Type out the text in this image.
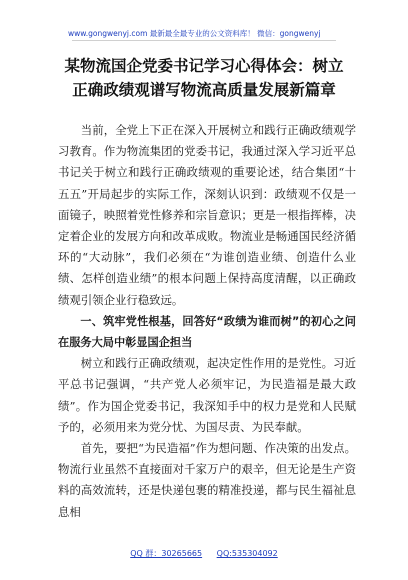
www.gongwenyj.com 最新最全最专业的公文资料库！ 微信：gongwenyj
某物流国企党委书记学习心得体会：树立
正确政绩观谱写物流高质量发展新篇章

当前，全党上下正在深入开展树立和践行正确政绩观学习教育。作为物流集团的党委书记，我通过深入学习近平总书记关于树立和践行正确政绩观的重要论述，结合集团“十五五”开局起步的实际工作，深刻认识到：政绩观不仅是一面镜子，映照着党性修养和宗旨意识；更是一根指挥棒，决定着企业的发展方向和改革成败。物流业是畅通国民经济循环的“大动脉”，我们必须在“为谁创造业绩、创造什么业绩、怎样创造业绩”的根本问题上保持高度清醒，以正确政绩观引领企业行稳致远。

一、筑牢党性根基，回答好“政绩为谁而树”的初心之问在服务大局中彰显国企担当

树立和践行正确政绩观，起决定性作用的是党性。习近平总书记强调，“共产党人必须牢记，为民造福是最大政绩”。作为国企党委书记，我深知手中的权力是党和人民赋予的，必须用来为党分忧、为国尽责、为民奉献。

首先，要把“为民造福”作为想问题、作决策的出发点。物流行业虽然不直接面对千家万户的艰辛，但无论是生产资料的高效流转，还是快递包裹的精准投递，都与民生福祉息息相

QQ 群：30265665 QQ:535304092
